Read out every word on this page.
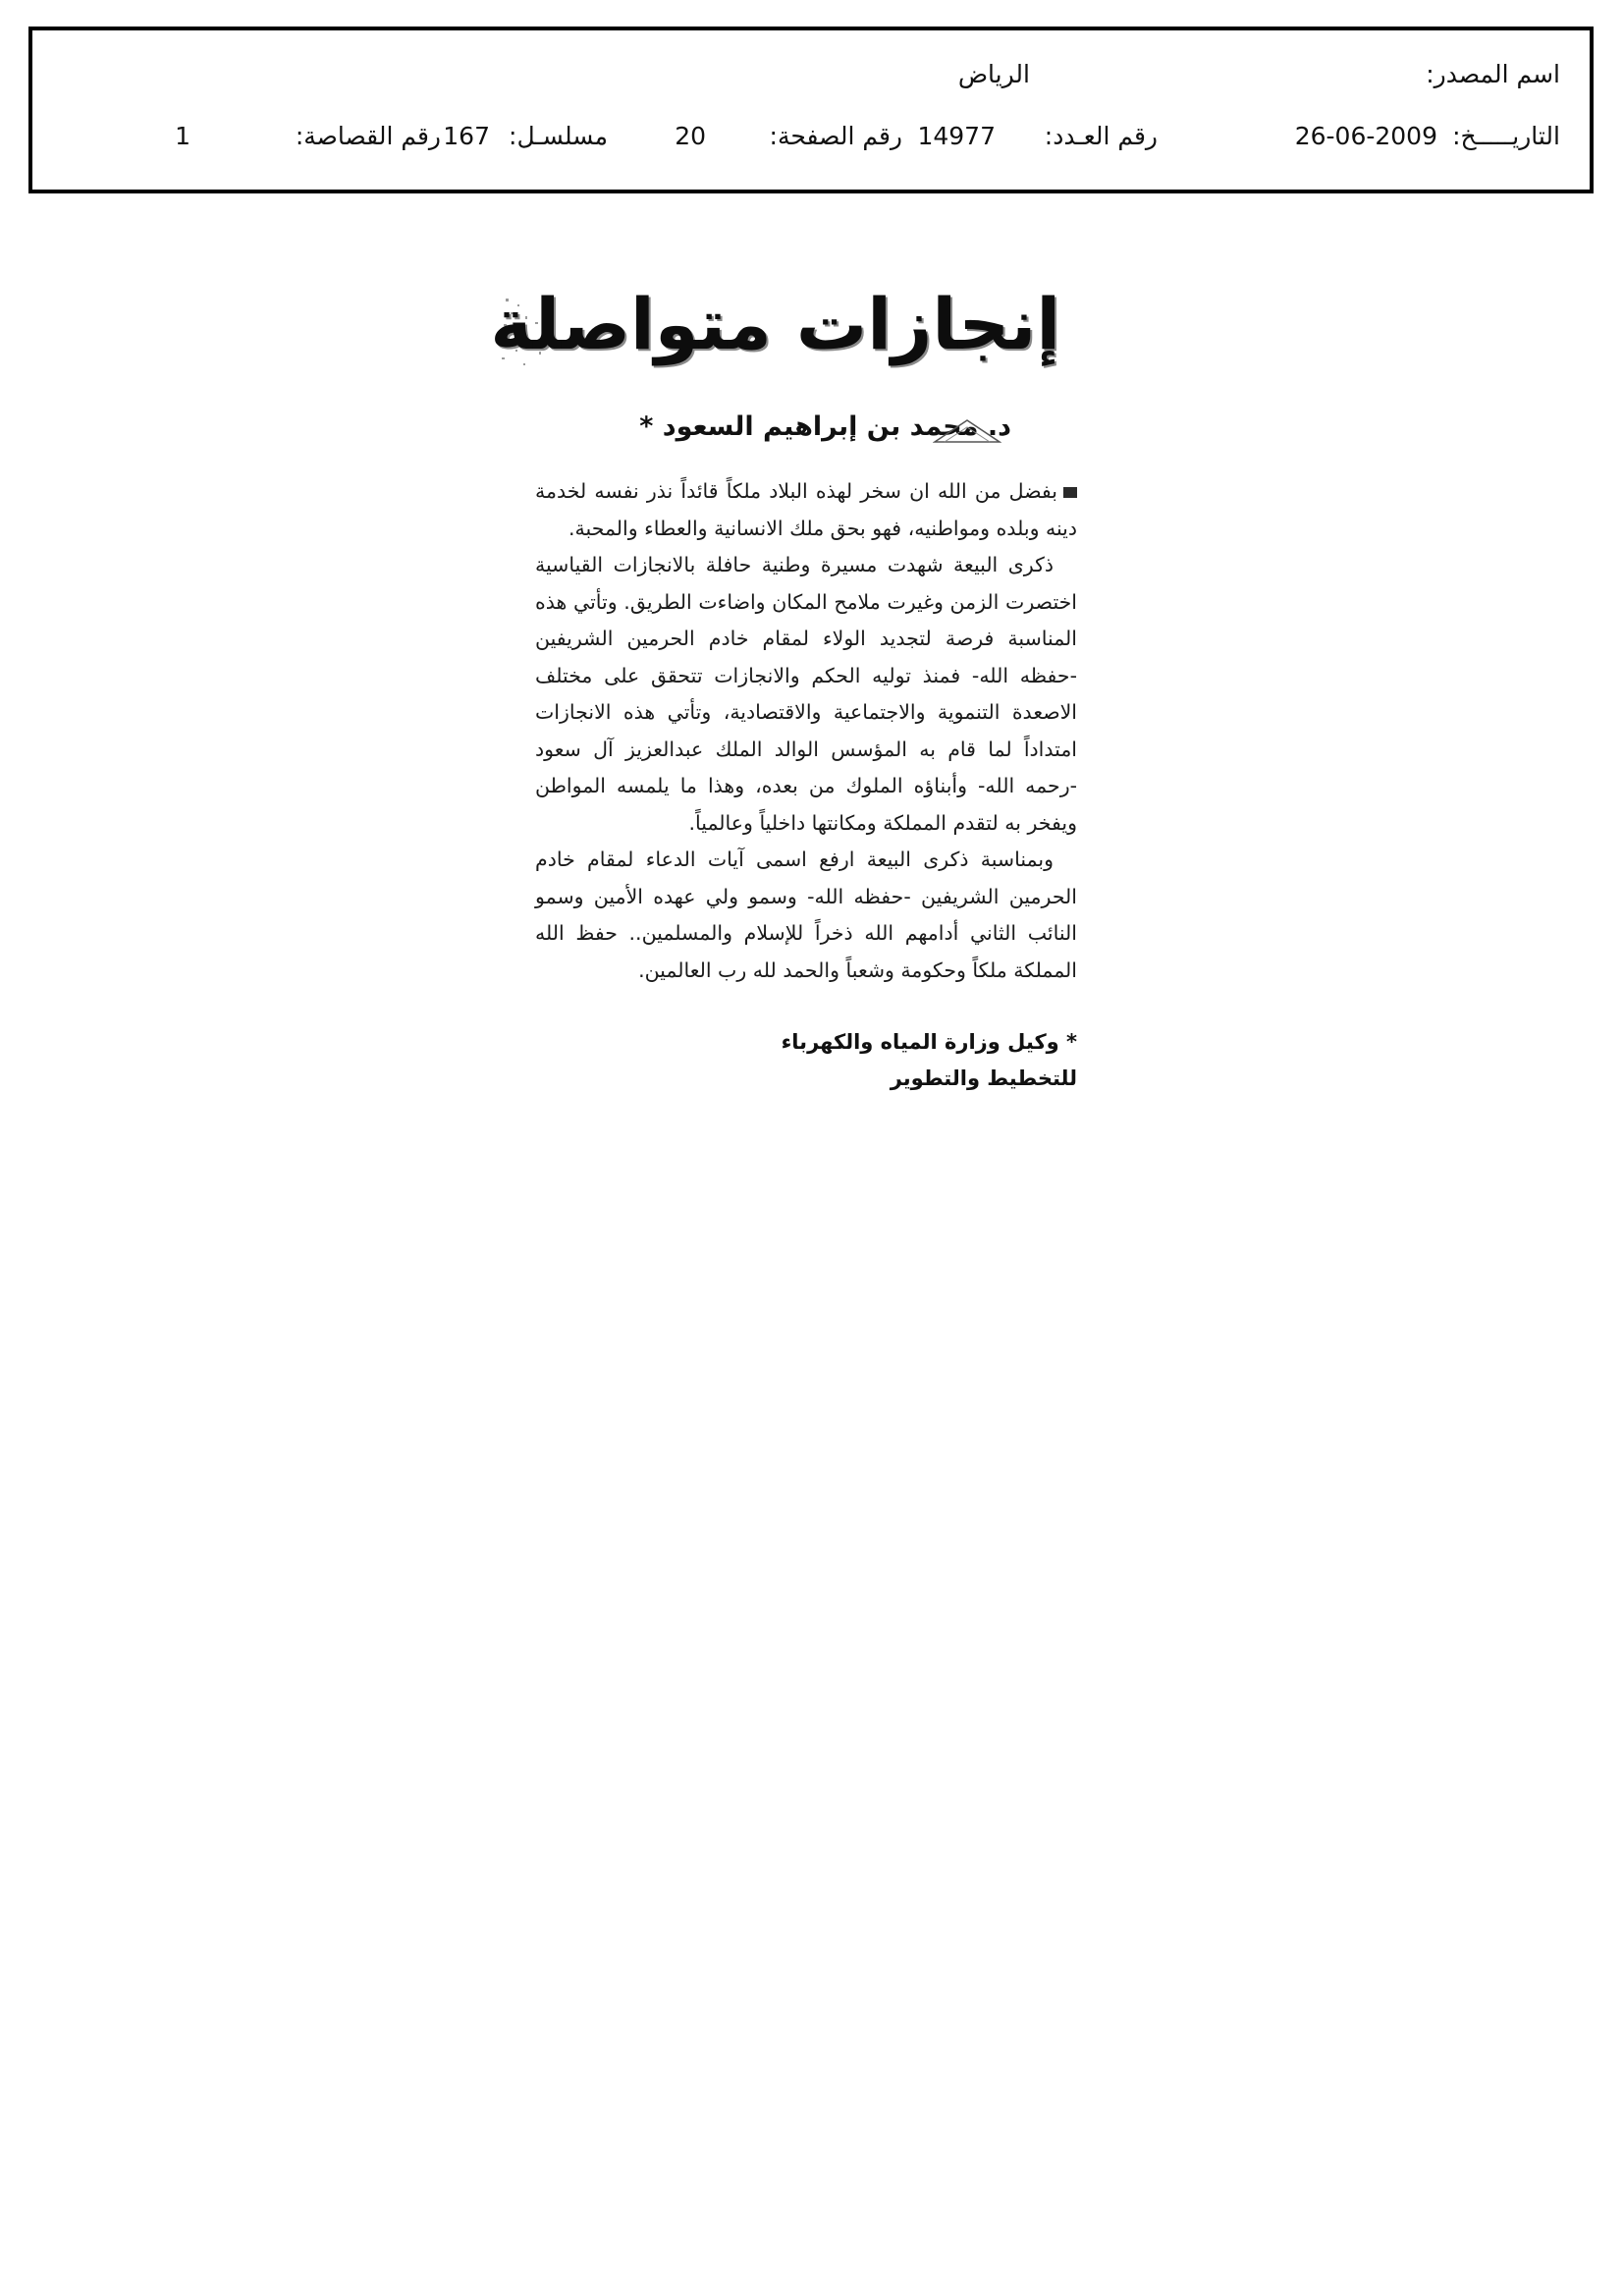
اسم المصدر:
الرياض
التاريـــــخ:
26-06-2009
رقم العـدد:
14977
رقم الصفحة:
20
مسلسـل:
167
رقم القصاصة:
1
إنجازات متواصلة
د. محمد بن إبراهيم السعود *

بفضل من الله ان سخر لهذه البلاد ملكاً قائداً نذر نفسه لخدمة دينه وبلده ومواطنيه، فهو بحق ملك الانسانية والعطاء والمحبة.

ذكرى البيعة شهدت مسيرة وطنية حافلة بالانجازات القياسية اختصرت الزمن وغيرت ملامح المكان واضاءت الطريق. وتأتي هذه المناسبة فرصة لتجديد الولاء لمقام خادم الحرمين الشريفين -حفظه الله- فمنذ توليه الحكم والانجازات تتحقق على مختلف الاصعدة التنموية والاجتماعية والاقتصادية، وتأتي هذه الانجازات امتداداً لما قام به المؤسس الوالد الملك عبدالعزيز آل سعود -رحمه الله- وأبناؤه الملوك من بعده، وهذا ما يلمسه المواطن ويفخر به لتقدم المملكة ومكانتها داخلياً وعالمياً.

وبمناسبة ذكرى البيعة ارفع اسمى آيات الدعاء لمقام خادم الحرمين الشريفين -حفظه الله- وسمو ولي عهده الأمين وسمو النائب الثاني أدامهم الله ذخراً للإسلام والمسلمين.. حفظ الله المملكة ملكاً وحكومة وشعباً والحمد لله رب العالمين.

* وكيل وزارة المياه والكهرباء
للتخطيط والتطوير
